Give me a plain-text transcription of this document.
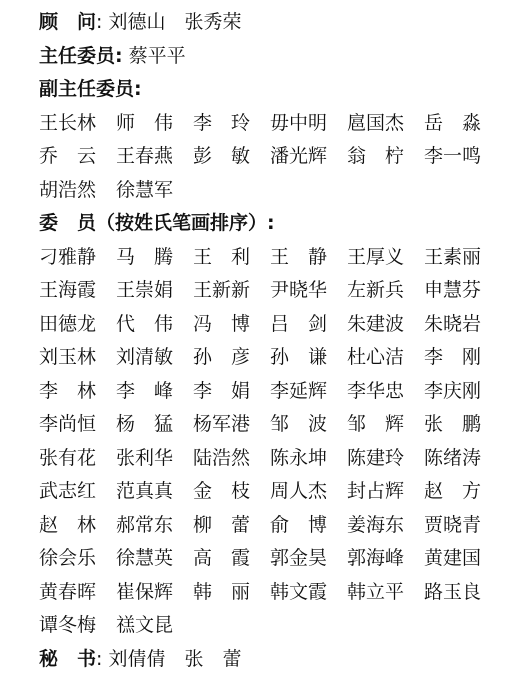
顾　问: 刘德山　张秀荣
主任委员: 蔡平平
副主任委员:
王长林	师　伟	李　玲	毋中明	扈国杰	岳　淼
乔　云	王春燕	彭　敏	潘光辉	翁　柠	李一鸣
胡浩然	徐慧军
委　员（按姓氏笔画排序）:
刁雅静	马　腾	王　利	王　静	王厚义	王素丽
王海霞	王崇娟	王新新	尹晓华	左新兵	申慧芬
田德龙	代　伟	冯　博	吕　剑	朱建波	朱晓岩
刘玉林	刘清敏	孙　彦	孙　谦	杜心洁	李　刚
李　林	李　峰	李　娟	李延辉	李华忠	李庆刚
李尚恒	杨　猛	杨军港	邹　波	邹　辉	张　鹏
张有花	张利华	陆浩然	陈永坤	陈建玲	陈绪涛
武志红	范真真	金　枝	周人杰	封占辉	赵　方
赵　林	郝常东	柳　蕾	俞　博	姜海东	贾晓青
徐会乐	徐慧英	高　霞	郭金昊	郭海峰	黄建国
黄春晖	崔保辉	韩　丽	韩文霞	韩立平	路玉良
谭冬梅	禚文昆
秘　书: 刘倩倩　张　蕾
